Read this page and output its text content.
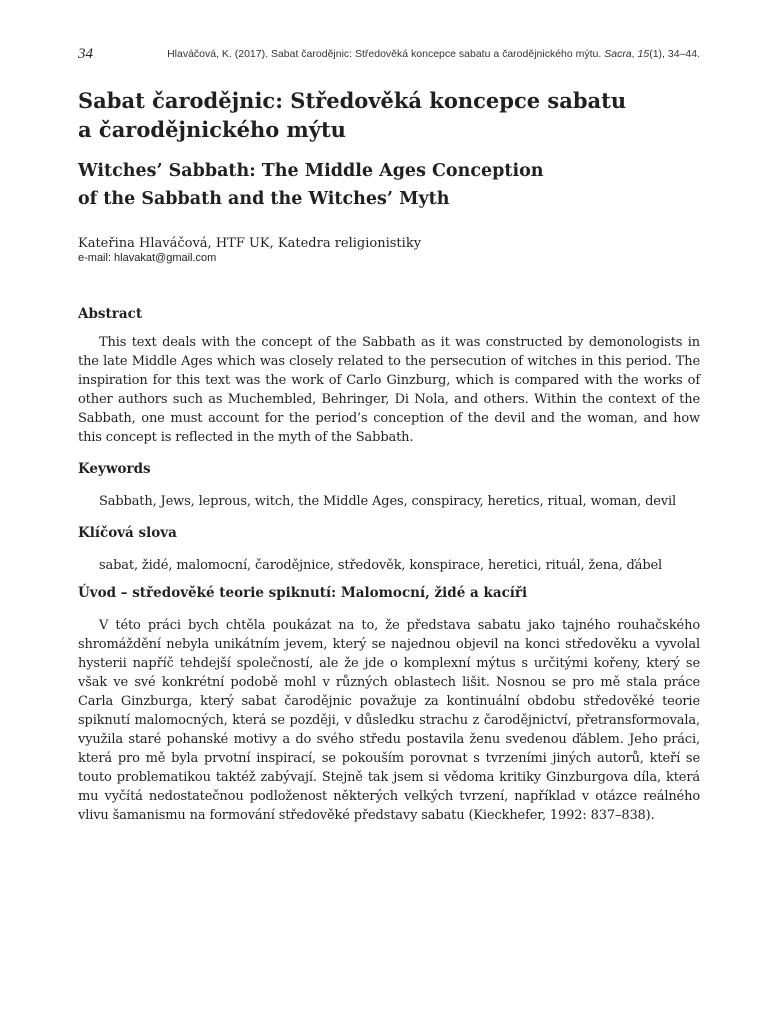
34	Hlaváčová, K. (2017). Sabat čarodějnic: Středověká koncepce sabatu a čarodějnického mýtu. Sacra, 15(1), 34–44.
Sabat čarodějnic: Středověká koncepce sabatu
a čarodějnického mýtu
Witches’ Sabbath: The Middle Ages Conception
of the Sabbath and the Witches’ Myth
Kateřina Hlaváčová, HTF UK, Katedra religionistiky
e-mail: hlavakat@gmail.com
Abstract

This text deals with the concept of the Sabbath as it was constructed by demonologists in the late Middle Ages which was closely related to the persecution of witches in this period. The inspiration for this text was the work of Carlo Ginzburg, which is compared with the works of other authors such as Muchembled, Behringer, Di Nola, and others. Within the context of the Sabbath, one must account for the period’s conception of the devil and the woman, and how this concept is reflected in the myth of the Sabbath.

Keywords

Sabbath, Jews, leprous, witch, the Middle Ages, conspiracy, heretics, ritual, woman, devil

Klíčová slova

sabat, židé, malomocní, čarodějnice, středověk, konspirace, heretici, rituál, žena, ďábel

Úvod – středověké teorie spiknutí: Malomocní, židé a kacíři

V této práci bych chtěla poukázat na to, že představa sabatu jako tajného rouhačského shromáždění nebyla unikátním jevem, který se najednou objevil na konci středověku a vyvolal hysterii napříč tehdejší společností, ale že jde o komplexní mýtus s určitými kořeny, který se však ve své konkrétní podobě mohl v různých oblastech lišit. Nosnou se pro mě stala práce Carla Ginzburga, který sabat čarodějnic považuje za kontinuální obdobu středověké teorie spiknutí malomocných, která se později, v důsledku strachu z čarodějnictví, přetransformovala, využila staré pohanské motivy a do svého středu postavila ženu svedenou ďáblem. Jeho práci, která pro mě byla prvotní inspirací, se pokouším porovnat s tvrzeními jiných autorů, kteří se touto problematikou taktéž zabývají. Stejně tak jsem si vědoma kritiky Ginzburgova díla, která mu vyčítá nedostatečnou podloženost některých velkých tvrzení, například v otázce reálného vlivu šamanismu na formování středověké představy sabatu (Kieckhefer, 1992: 837–838).
